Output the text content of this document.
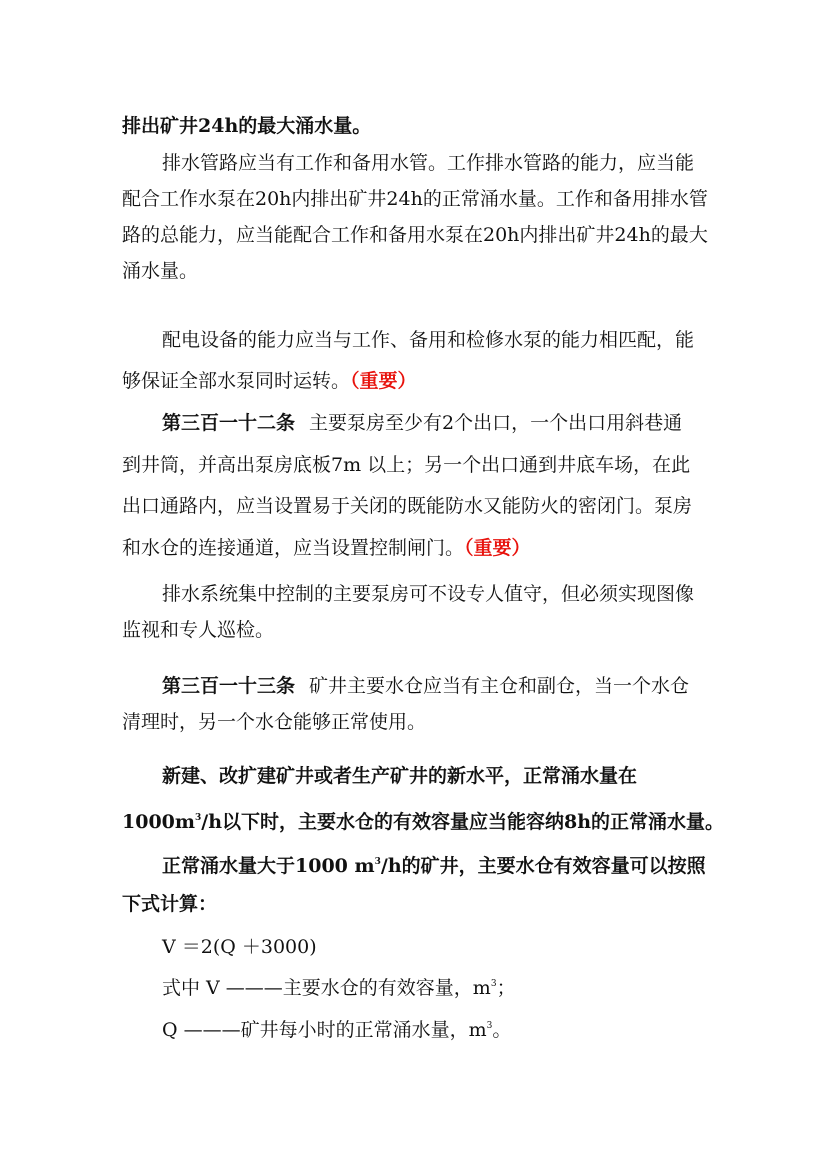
排出矿井24h的最大涌水量。
排水管路应当有工作和备用水管。工作排水管路的能力，应当能
配合工作水泵在20h内排出矿井24h的正常涌水量。工作和备用排水管
路的总能力，应当能配合工作和备用水泵在20h内排出矿井24h的最大
涌水量。
配电设备的能力应当与工作、备用和检修水泵的能力相匹配，能
够保证全部水泵同时运转。（重要）
第三百一十二条 主要泵房至少有2个出口，一个出口用斜巷通
到井筒，并高出泵房底板7m 以上；另一个出口通到井底车场，在此
出口通路内，应当设置易于关闭的既能防水又能防火的密闭门。泵房
和水仓的连接通道，应当设置控制闸门。（重要）
排水系统集中控制的主要泵房可不设专人值守，但必须实现图像
监视和专人巡检。
第三百一十三条 矿井主要水仓应当有主仓和副仓，当一个水仓
清理时，另一个水仓能够正常使用。
新建、改扩建矿井或者生产矿井的新水平，正常涌水量在
$1000m^3/h$以下时，主要水仓的有效容量应当能容纳8h的正常涌水量。
正常涌水量大于1000 $m^3/h$的矿井，主要水仓有效容量可以按照
下式计算：
V ＝2(Q ＋3000)
式中 V ———主要水仓的有效容量，$m^3$；
Q ———矿井每小时的正常涌水量，$m^3$。
